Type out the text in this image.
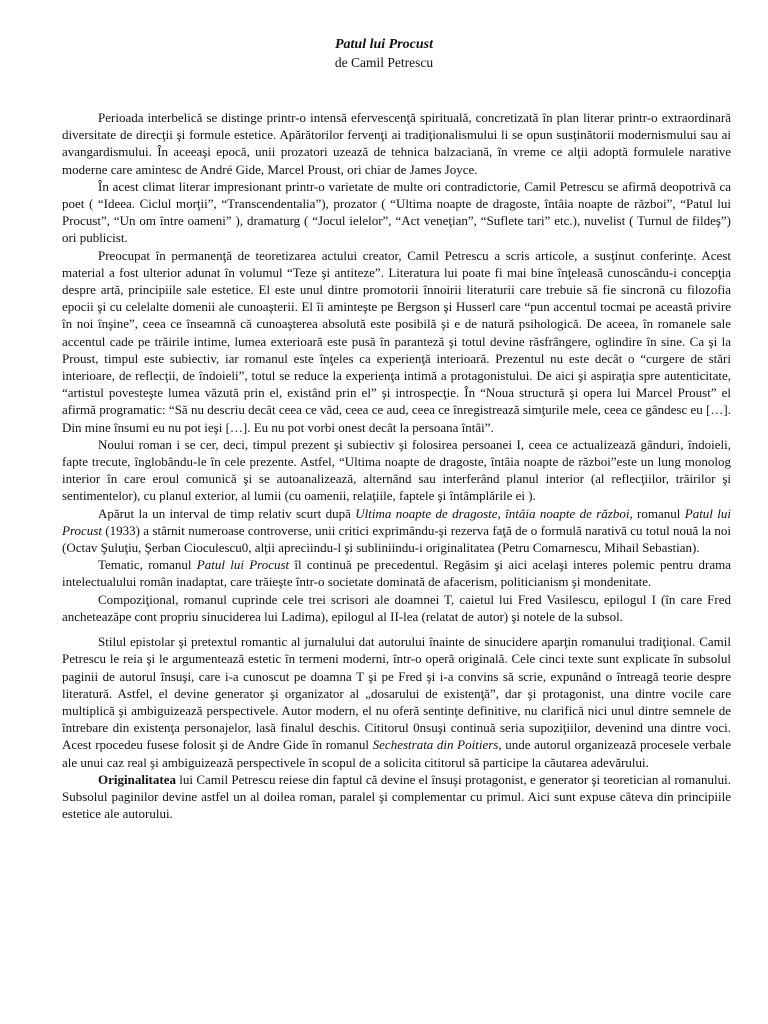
Patul lui Procust
de Camil Petrescu

Perioada interbelică se distinge printr-o intensă efervescenţă spirituală, concretizată în plan literar printr-o extraordinară diversitate de direcţii şi formule estetice. Apărătorilor fervenţi ai tradiţionalismului li se opun susţinătorii modernismului sau ai avangardismului. În aceeaşi epocă, unii prozatori uzează de tehnica balzaciană, în vreme ce alţii adoptă formulele narative moderne care amintesc de André Gide, Marcel Proust, ori chiar de James Joyce.

În acest climat literar impresionant printr-o varietate de multe ori contradictorie, Camil Petrescu se afirmă deopotrivă ca poet ( “Ideea. Ciclul morţii”, “Transcendentalia”), prozator ( “Ultima noapte de dragoste, întâia noapte de război”, “Patul lui Procust”, “Un om între oameni” ), dramaturg ( “Jocul ielelor”, “Act veneţian”, “Suflete tari” etc.), nuvelist ( Turnul de fildeş”) ori publicist.

Preocupat în permanenţă de teoretizarea actului creator, Camil Petrescu a scris articole, a susţinut conferinţe. Acest material a fost ulterior adunat în volumul “Teze şi antiteze”. Literatura lui poate fi mai bine înţeleasă cunoscându-i concepţia despre artă, principiile sale estetice. El este unul dintre promotorii înnoirii literaturii care trebuie să fie sincronă cu filozofia epocii şi cu celelalte domenii ale cunoaşterii. El îi aminteşte pe Bergson şi Husserl care “pun accentul tocmai pe această privire în noi înşine”, ceea ce înseamnă că cunoaşterea absolută este posibilă şi e de natură psihologică. De aceea, în romanele sale accentul cade pe trăirile intime, lumea exterioară este pusă în paranteză şi totul devine răsfrângere, oglindire în sine. Ca şi la Proust, timpul este subiectiv, iar romanul este înţeles ca experienţă interioară. Prezentul nu este decât o “curgere de stări interioare, de reflecţii, de îndoieli”, totul se reduce la experienţa intimă a protagonistului. De aici şi aspiraţia spre autenticitate, “artistul povesteşte lumea văzută prin el, existând prin el” şi introspecţie. În “Noua structură şi opera lui Marcel Proust” el afirmă programatic: “Să nu descriu decât ceea ce văd, ceea ce aud, ceea ce înregistrează simţurile mele, ceea ce gândesc eu […]. Din mine însumi eu nu pot ieşi […]. Eu nu pot vorbi onest decât la persoana întâi”.

Noului roman i se cer, deci, timpul prezent şi subiectiv şi folosirea persoanei I, ceea ce actualizează gânduri, îndoieli, fapte trecute, înglobându-le în cele prezente. Astfel, “Ultima noapte de dragoste, întâia noapte de război”este un lung monolog interior în care eroul comunică şi se autoanalizează, alternând sau interferând planul interior (al reflecţiilor, trăirilor şi sentimentelor), cu planul exterior, al lumii (cu oamenii, relaţiile, faptele şi întâmplările ei ).

Apărut la un interval de timp relativ scurt după Ultima noapte de dragoste, întâia noapte de război, romanul Patul lui Procust (1933) a stârnit numeroase controverse, unii critici exprimându-şi rezerva faţă de o formulă narativă cu totul nouă la noi (Octav Şuluţiu, Şerban Cioculescu0, alţii apreciindu-l şi subliniindu-i originalitatea (Petru Comarnescu, Mihail Sebastian).

Tematic, romanul Patul lui Procust îl continuă pe precedentul. Regăsim şi aici acelaşi interes polemic pentru drama intelectualului român inadaptat, care trăieşte într-o societate dominată de afacerism, politicianism şi mondenitate.

Compoziţional, romanul cuprinde cele trei scrisori ale doamnei T, caietul lui Fred Vasilescu, epilogul I (în care Fred ancheteazăpe cont propriu sinuciderea lui Ladima), epilogul al II-lea (relatat de autor) şi notele de la subsol.

Stilul epistolar şi pretextul romantic al jurnalului dat autorului înainte de sinucidere aparţin romanului tradiţional. Camil Petrescu le reia şi le argumentează estetic în termeni moderni, într-o operă originală. Cele cinci texte sunt explicate în subsolul paginii de autorul însuşi, care i-a cunoscut pe doamna T şi pe Fred şi i-a convins să scrie, expunând o întreagă teorie despre literatură. Astfel, el devine generator şi organizator al „dosarului de existenţă”, dar şi protagonist, una dintre vocile care multiplică şi ambiguizează perspectivele. Autor modern, el nu oferă sentinţe definitive, nu clarifică nici unul dintre semnele de întrebare din existenţa personajelor, lasă finalul deschis. Cititorul 0nsuşi continuă seria supoziţiilor, devenind una dintre voci. Acest rpocedeu fusese folosit şi de Andre Gide în romanul Sechestrata din Poitiers, unde autorul organizează procesele verbale ale unui caz real şi ambiguizează perspectivele în scopul de a solicita cititorul să participe la căutarea adevărului.

Originalitatea lui Camil Petrescu reiese din faptul că devine el însuşi protagonist, e generator şi teoretician al romanului. Subsolul paginilor devine astfel un al doilea roman, paralel şi complementar cu primul. Aici sunt expuse câteva din principiile estetice ale autorului.
